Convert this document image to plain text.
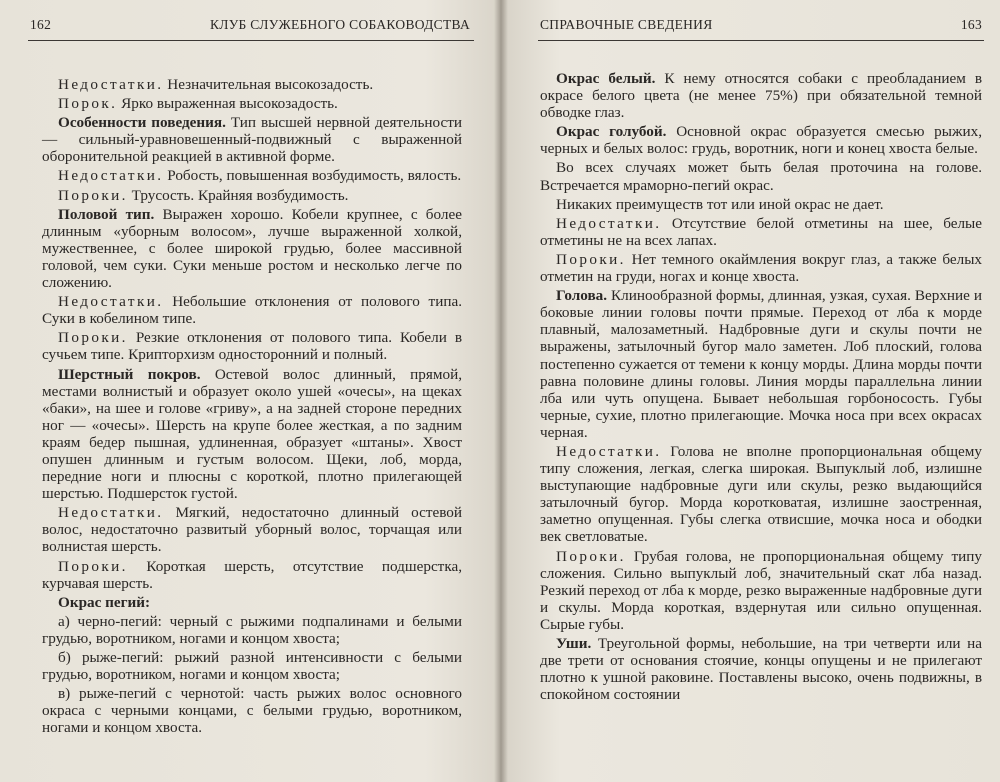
162	КЛУБ СЛУЖЕБНОГО СОБАКОВОДСТВА

Недостатки. Незначительная высокозадость.

Порок. Ярко выраженная высокозадость.

Особенности поведения. Тип высшей нервной деятельности — сильный-уравновешенный-подвижный с выраженной оборонительной реакцией в активной форме.

Недостатки. Робость, повышенная возбудимость, вялость.

Пороки. Трусость. Крайняя возбудимость.

Половой тип. Выражен хорошо. Кобели крупнее, с более длинным «уборным волосом», лучше выраженной холкой, мужественнее, с более широкой грудью, более массивной головой, чем суки. Суки меньше ростом и несколько легче по сложению.

Недостатки. Небольшие отклонения от полового типа. Суки в кобелином типе.

Пороки. Резкие отклонения от полового типа. Кобели в сучьем типе. Крипторхизм односторонний и полный.

Шерстный покров. Остевой волос длинный, прямой, местами волнистый и образует около ушей «очесы», на щеках «баки», на шее и голове «гриву», а на задней стороне передних ног — «очесы». Шерсть на крупе более жесткая, а по задним краям бедер пышная, удлиненная, образует «штаны». Хвост опушен длинным и густым волосом. Щеки, лоб, морда, передние ноги и плюсны с короткой, плотно прилегающей шерстью. Подшерсток густой.

Недостатки. Мягкий, недостаточно длинный остевой волос, недостаточно развитый уборный волос, торчащая или волнистая шерсть.

Пороки. Короткая шерсть, отсутствие подшерстка, курчавая шерсть.

Окрас пегий:

а) черно-пегий: черный с рыжими подпалинами и белыми грудью, воротником, ногами и концом хвоста;

б) рыже-пегий: рыжий разной интенсивности с белыми грудью, воротником, ногами и концом хвоста;

в) рыже-пегий с чернотой: часть рыжих волос основного окраса с черными концами, с белыми грудью, воротником, ногами и концом хвоста.

СПРАВОЧНЫЕ СВЕДЕНИЯ	163

Окрас белый. К нему относятся собаки с преобладанием в окрасе белого цвета (не менее 75%) при обязательной темной обводке глаз.

Окрас голубой. Основной окрас образуется смесью рыжих, черных и белых волос: грудь, воротник, ноги и конец хвоста белые.

Во всех случаях может быть белая проточина на голове. Встречается мраморно-пегий окрас.

Никаких преимуществ тот или иной окрас не дает.

Недостатки. Отсутствие белой отметины на шее, белые отметины не на всех лапах.

Пороки. Нет темного окаймления вокруг глаз, а также белых отметин на груди, ногах и конце хвоста.

Голова. Клинообразной формы, длинная, узкая, сухая. Верхние и боковые линии головы почти прямые. Переход от лба к морде плавный, малозаметный. Надбровные дуги и скулы почти не выражены, затылочный бугор мало заметен. Лоб плоский, голова постепенно сужается от темени к концу морды. Длина морды почти равна половине длины головы. Линия морды параллельна линии лба или чуть опущена. Бывает небольшая горбоносость. Губы черные, сухие, плотно прилегающие. Мочка носа при всех окрасах черная.

Недостатки. Голова не вполне пропорциональная общему типу сложения, легкая, слегка широкая. Выпуклый лоб, излишне выступающие надбровные дуги или скулы, резко выдающийся затылочный бугор. Морда коротковатая, излишне заостренная, заметно опущенная. Губы слегка отвисшие, мочка носа и ободки век светловатые.

Пороки. Грубая голова, не пропорциональная общему типу сложения. Сильно выпуклый лоб, значительный скат лба назад. Резкий переход от лба к морде, резко выраженные надбровные дуги и скулы. Морда короткая, вздернутая или сильно опущенная. Сырые губы.

Уши. Треугольной формы, небольшие, на три четверти или на две трети от основания стоячие, концы опущены и не прилегают плотно к ушной раковине. Поставлены высоко, очень подвижны, в спокойном состоянии
